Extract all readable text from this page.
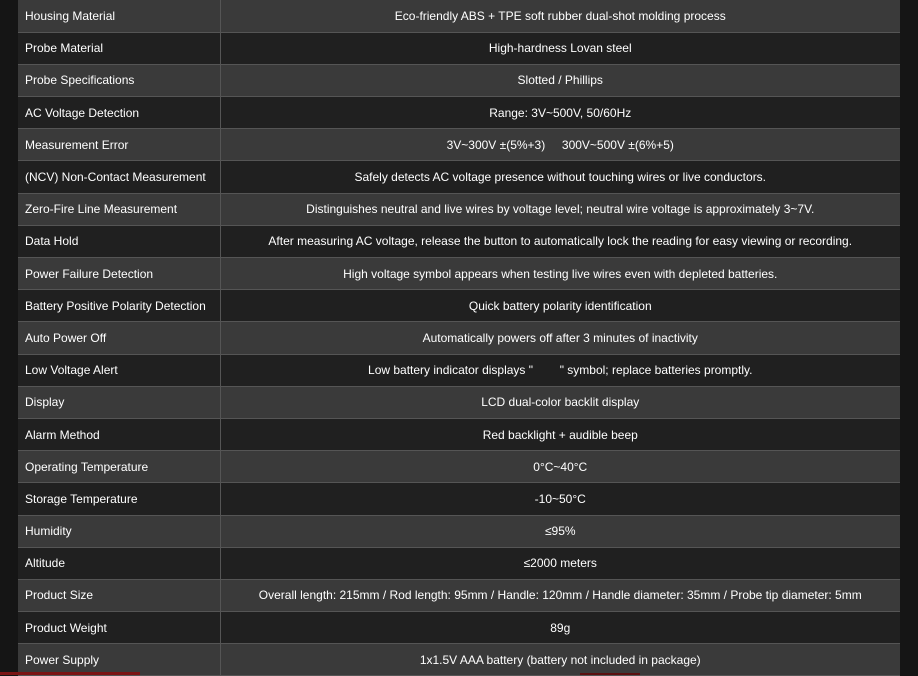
Housing Material	Eco-friendly ABS + TPE soft rubber dual-shot molding process
Probe Material	High-hardness Lovan steel
Probe Specifications	Slotted / Phillips
AC Voltage Detection	Range: 3V~500V, 50/60Hz
Measurement Error	3V~300V ±(5%+3)     300V~500V ±(6%+5)
(NCV) Non-Contact Measurement	Safely detects AC voltage presence without touching wires or live conductors.
Zero-Fire Line Measurement	Distinguishes neutral and live wires by voltage level; neutral wire voltage is approximately 3~7V.
Data Hold	After measuring AC voltage, release the button to automatically lock the reading for easy viewing or recording.
Power Failure Detection	High voltage symbol appears when testing live wires even with depleted batteries.
Battery Positive Polarity Detection	Quick battery polarity identification
Auto Power Off	Automatically powers off after 3 minutes of inactivity
Low Voltage Alert	Low battery indicator displays "        " symbol; replace batteries promptly.
Display	LCD dual-color backlit display
Alarm Method	Red backlight + audible beep
Operating Temperature	0°C~40°C
Storage Temperature	-10~50°C
Humidity	≤95%
Altitude	≤2000 meters
Product Size	Overall length: 215mm / Rod length: 95mm / Handle: 120mm / Handle diameter: 35mm / Probe tip diameter: 5mm
Product Weight	89g
Power Supply	1x1.5V AAA battery (battery not included in package)
